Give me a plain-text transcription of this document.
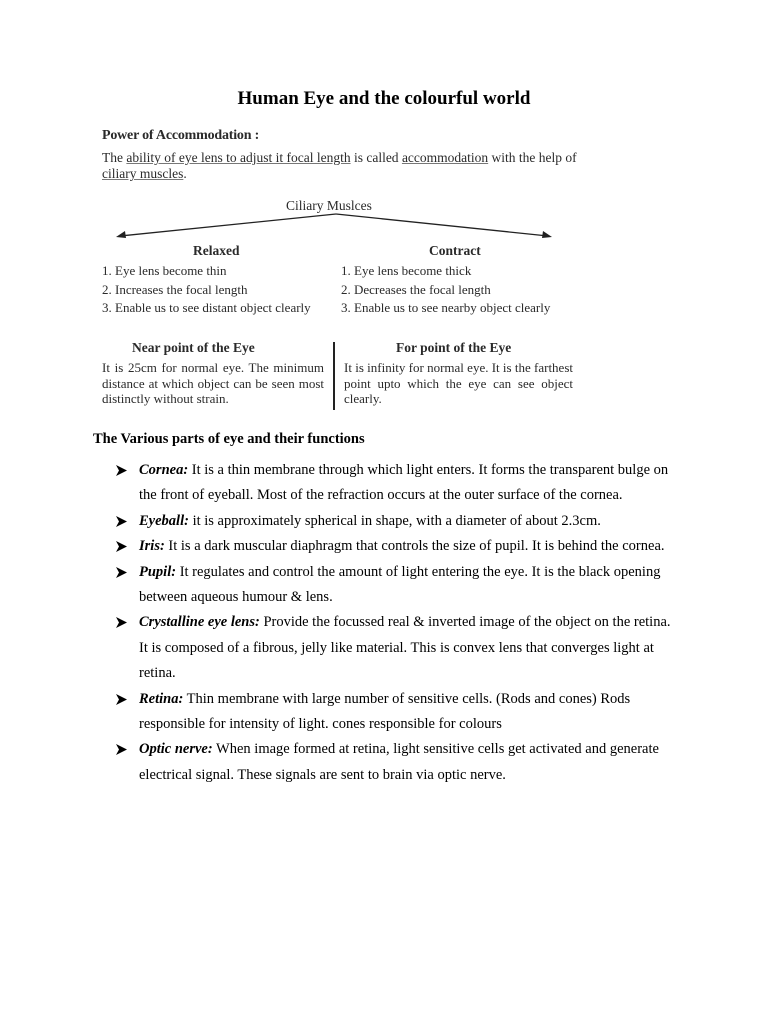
Human Eye and the colourful world
Power of Accommodation :
The ability of eye lens to adjust it focal length is called accommodation with the help of ciliary muscles.
Ciliary Muslces
Relaxed	Contract
1. Eye lens become thin
2. Increases the focal length
3. Enable us to see distant object clearly
1. Eye lens become thick
2. Decreases the focal length
3. Enable us to see nearby object clearly
Near point of the Eye	For point of the Eye
It is 25cm for normal eye. The minimum distance at which object can be seen most distinctly without strain.
It is infinity for normal eye. It is the farthest point upto which the eye can see object clearly.
The Various parts of eye and their functions
Cornea: It is a thin membrane through which light enters. It forms the transparent bulge on the front of eyeball. Most of the refraction occurs at the outer surface of the cornea.
Eyeball: it is approximately spherical in shape, with a diameter of about 2.3cm.
Iris: It is a dark muscular diaphragm that controls the size of pupil. It is behind the cornea.
Pupil: It regulates and control the amount of light entering the eye. It is the black opening between aqueous humour & lens.
Crystalline eye lens: Provide the focussed real & inverted image of the object on the retina. It is composed of a fibrous, jelly like material. This is convex lens that converges light at retina.
Retina: Thin membrane with large number of sensitive cells. (Rods and cones) Rods responsible for intensity of light. cones responsible for colours
Optic nerve: When image formed at retina, light sensitive cells get activated and generate electrical signal. These signals are sent to brain via optic nerve.
